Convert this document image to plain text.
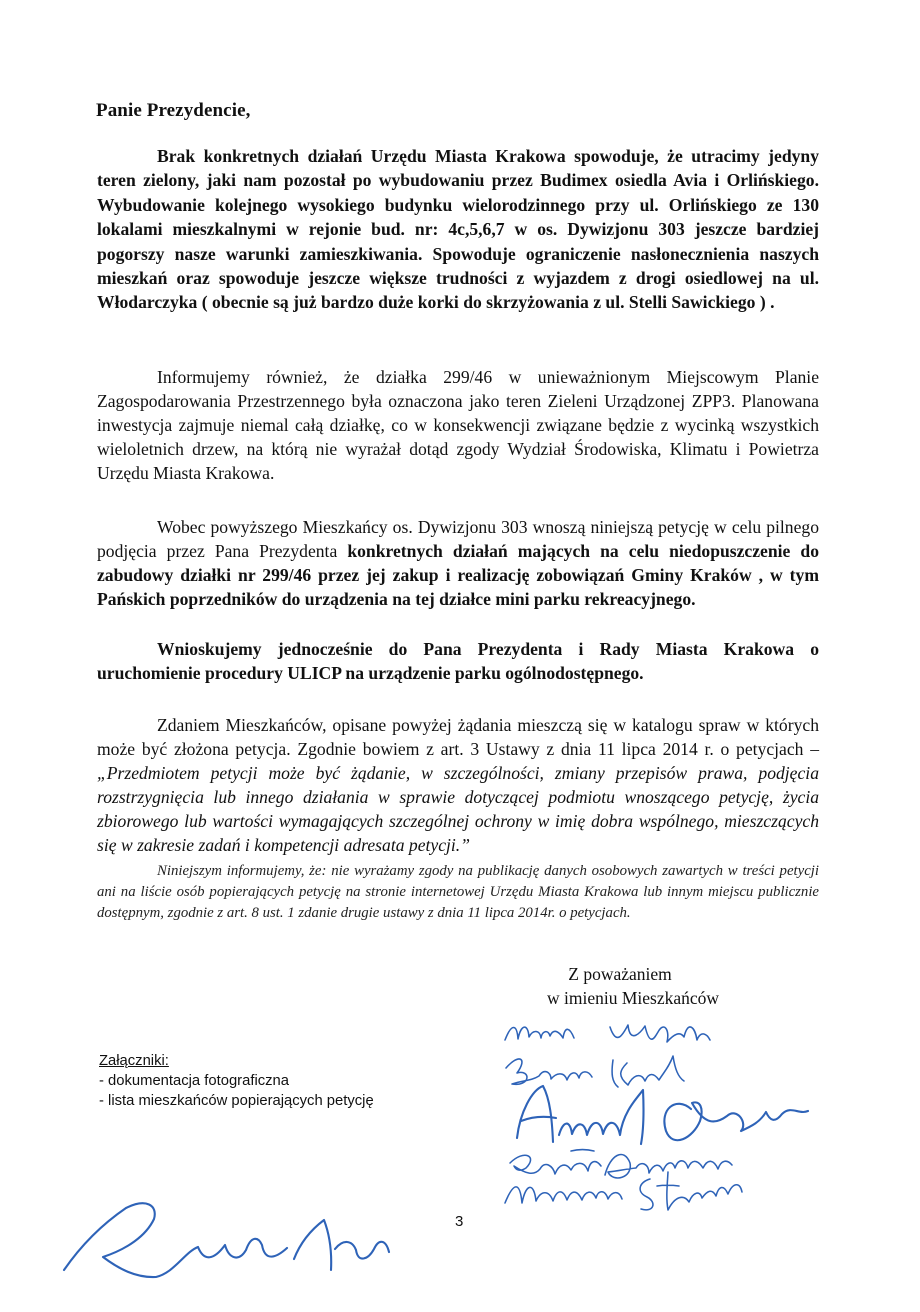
Panie Prezydencie,
Brak konkretnych działań Urzędu Miasta Krakowa spowoduje, że utracimy jedyny teren zielony, jaki nam pozostał po wybudowaniu przez Budimex osiedla Avia i Orlińskiego. Wybudowanie kolejnego wysokiego budynku wielorodzinnego przy ul. Orlińskiego ze 130 lokalami mieszkalnymi w rejonie bud. nr: 4c,5,6,7 w os. Dywizjonu 303 jeszcze bardziej pogorszy nasze warunki zamieszkiwania. Spowoduje ograniczenie nasłonecznienia naszych mieszkań oraz spowoduje jeszcze większe trudności z wyjazdem z drogi osiedlowej na ul. Włodarczyka ( obecnie są już bardzo duże korki do skrzyżowania z ul. Stelli Sawickiego ) .
Informujemy również, że działka 299/46 w unieważnionym Miejscowym Planie Zagospodarowania Przestrzennego była oznaczona jako teren Zieleni Urządzonej ZPP3. Planowana inwestycja zajmuje niemal całą działkę, co w konsekwencji związane będzie z wycinką wszystkich wieloletnich drzew, na którą nie wyrażał dotąd zgody Wydział Środowiska, Klimatu i Powietrza Urzędu Miasta Krakowa.
Wobec powyższego Mieszkańcy os. Dywizjonu 303 wnoszą niniejszą petycję w celu pilnego podjęcia przez Pana Prezydenta konkretnych działań mających na celu niedopuszczenie do zabudowy działki nr 299/46 przez jej zakup i realizację zobowiązań Gminy Kraków , w tym Pańskich poprzedników do urządzenia na tej działce mini parku rekreacyjnego.
Wnioskujemy jednocześnie do Pana Prezydenta i Rady Miasta Krakowa o uruchomienie procedury ULICP na urządzenie parku ogólnodostępnego.
Zdaniem Mieszkańców, opisane powyżej żądania mieszczą się w katalogu spraw w których może być złożona petycja. Zgodnie bowiem z art. 3 Ustawy z dnia 11 lipca 2014 r. o petycjach – „Przedmiotem petycji może być żądanie, w szczególności, zmiany przepisów prawa, podjęcia rozstrzygnięcia lub innego działania w sprawie dotyczącej podmiotu wnoszącego petycję, życia zbiorowego lub wartości wymagających szczególnej ochrony w imię dobra wspólnego, mieszczących się w zakresie zadań i kompetencji adresata petycji.”
Niniejszym informujemy, że: nie wyrażamy zgody na publikację danych osobowych zawartych w treści petycji ani na liście osób popierających petycję na stronie internetowej Urzędu Miasta Krakowa lub innym miejscu publicznie dostępnym, zgodnie z art. 8 ust. 1 zdanie drugie ustawy z dnia 11 lipca 2014r. o petycjach.
Z poważaniem
w imieniu Mieszkańców
Załączniki:
- dokumentacja fotograficzna
- lista mieszkańców popierających petycję
3
